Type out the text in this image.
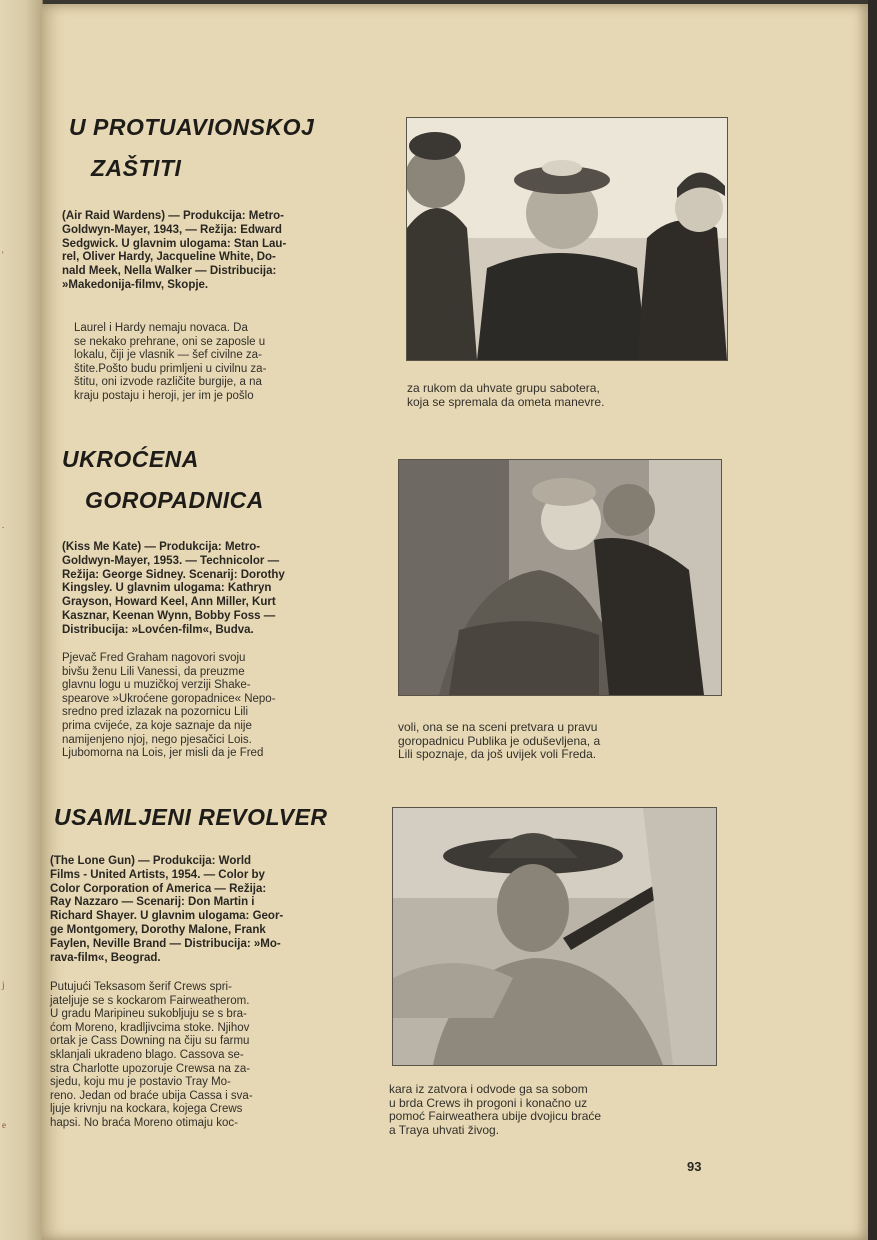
'
.
j
e
U PROTUAVIONSKOJ
ZAŠTITI
(Air Raid Wardens) — Produkcija: Metro-
Goldwyn-Mayer, 1943, — Režija: Edward
Sedgwick. U glavnim ulogama: Stan Lau-
rel, Oliver Hardy, Jacqueline White, Do-
nald Meek, Nella Walker — Distribucija:
»Makedonija-filmv, Skopje.
Laurel i Hardy nemaju novaca. Da
se nekako prehrane, oni se zaposle u
lokalu, čiji je vlasnik — šef civilne za-
štite.Pošto budu primljeni u civilnu za-
štitu, oni izvode različite burgije, a na
kraju postaju i heroji, jer im je pošlo
za rukom da uhvate grupu sabotera,
koja se spremala da ometa manevre.
UKROĆENA
GOROPADNICA
(Kiss Me Kate) — Produkcija: Metro-
Goldwyn-Mayer, 1953. — Technicolor —
Režija: George Sidney. Scenarij: Dorothy
Kingsley. U glavnim ulogama: Kathryn
Grayson, Howard Keel, Ann Miller, Kurt
Kasznar, Keenan Wynn, Bobby Foss —
Distribucija: »Lovćen-film«, Budva.
Pjevač Fred Graham nagovori svoju
bivšu ženu Lili Vanessi, da preuzme
glavnu logu u muzičkoj verziji Shake-
spearove »Ukroćene goropadnice« Nepo-
sredno pred izlazak na pozornicu Lili
prima cvijeće, za koje saznaje da nije
namijenjeno njoj, nego pjesačici Lois.
Ljubomorna na Lois, jer misli da je Fred
voli, ona se na sceni pretvara u pravu
goropadnicu Publika je oduševljena, a
Lili spoznaje, da još uvijek voli Freda.
USAMLJENI REVOLVER
(The Lone Gun) — Produkcija: World
Films - United Artists, 1954. — Color by
Color Corporation of America — Režija:
Ray Nazzaro — Scenarij: Don Martin i
Richard Shayer. U glavnim ulogama: Geor-
ge Montgomery, Dorothy Malone, Frank
Faylen, Neville Brand — Distribucija: »Mo-
rava-film«, Beograd.
Putujući Teksasom šerif Crews spri-
jateljuje se s kockarom Fairweatherom.
U gradu Maripineu sukobljuju se s bra-
ćom Moreno, kradljivcima stoke. Njihov
ortak je Cass Downing na čiju su farmu
sklanjali ukradeno blago. Cassova se-
stra Charlotte upozoruje Crewsa na za-
sjedu, koju mu je postavio Tray Mo-
reno. Jedan od braće ubija Cassa i sva-
ljuje krivnju na kockara, kojega Crews
hapsi. No braća Moreno otimaju koc-
kara iz zatvora i odvode ga sa sobom
u brda Crews ih progoni i konačno uz
pomoć Fairweathera ubije dvojicu braće
a Traya uhvati živog.
93
